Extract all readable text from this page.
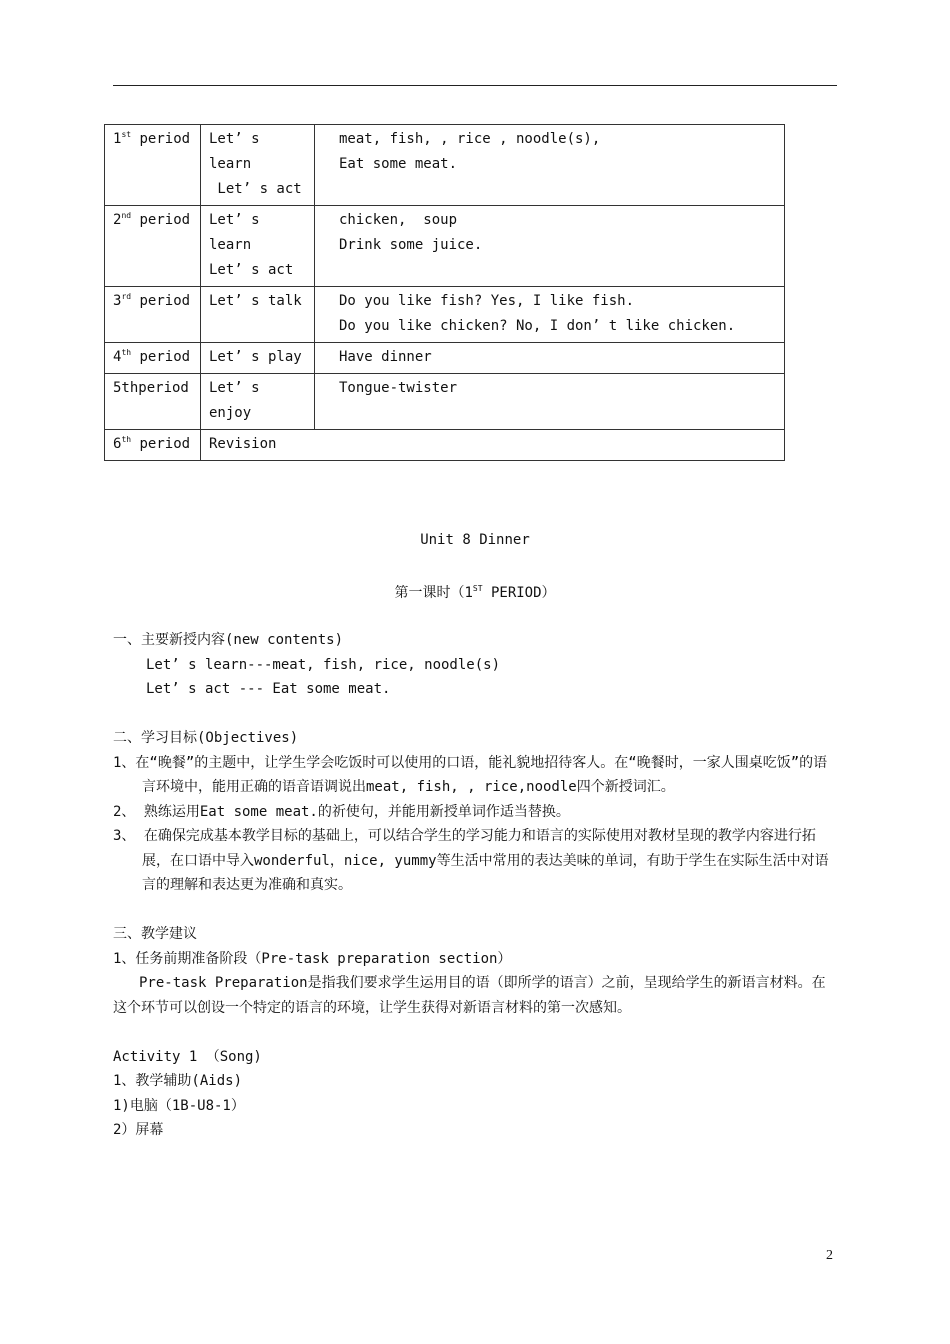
1st period	Let’ s
learn
Let’ s act	meat, fish, , rice , noodle(s),
Eat some meat.

2nd period	Let’ s
learn
Let’ s act	chicken,  soup
Drink some juice.

3rd period	Let’ s talk	Do you like fish? Yes, I like fish.
Do you like chicken? No, I don’ t like chicken.

4th period	Let’ s play	Have dinner

5thperiod	Let’ s
enjoy	Tongue-twister

6th period	Revision	
Unit 8 Dinner
第一课时（1ST PERIOD）

一、主要新授内容(new contents)

Let’ s learn---meat, fish, rice, noodle(s)

Let’ s act --- Eat some meat.

二、学习目标(Objectives)

1、在“晚餐”的主题中，让学生学会吃饭时可以使用的口语，能礼貌地招待客人。在“晚餐时，一家人围桌吃饭”的语言环境中，能用正确的语音语调说出meat, fish, , rice,noodle四个新授词汇。

2、 熟练运用Eat some meat.的祈使句，并能用新授单词作适当替换。

3、 在确保完成基本教学目标的基础上，可以结合学生的学习能力和语言的实际使用对教材呈现的教学内容进行拓展，在口语中导入wonderful，nice, yummy等生活中常用的表达美味的单词，有助于学生在实际生活中对语言的理解和表达更为准确和真实。

三、教学建议

1、任务前期准备阶段（Pre-task preparation section）

Pre-task Preparation是指我们要求学生运用目的语（即所学的语言）之前，呈现给学生的新语言材料。在这个环节可以创设一个特定的语言的环境，让学生获得对新语言材料的第一次感知。

Activity 1 （Song)

1、教学辅助(Aids)

1)电脑（1B-U8-1）

2）屏幕

2
